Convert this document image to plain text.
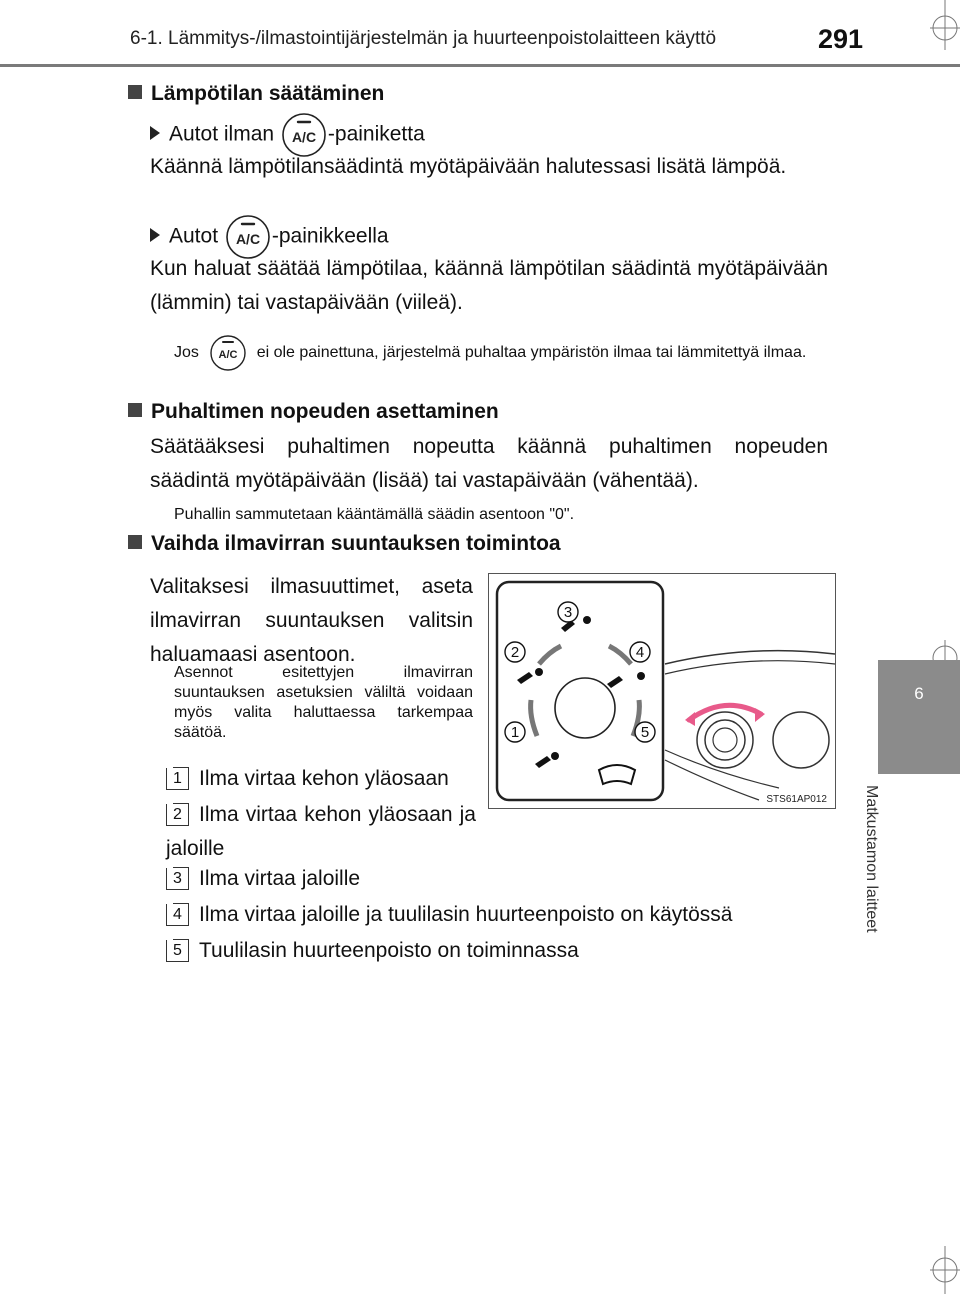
6-1. Lämmitys-/ilmastointijärjestelmän ja huurteenpoistolaitteen käyttö	291
6
Matkustamon laitteet
Lämpötilan säätäminen
Autot ilman A/C -painiketta
Käännä lämpötilansäädintä myötäpäivään halutessasi lisätä lämpöä.
Autot A/C -painikkeella
Kun haluat säätää lämpötilaa, käännä lämpötilan säädintä myötäpäivään (lämmin) tai vastapäivään (viileä).
Jos A/C ei ole painettuna, järjestelmä puhaltaa ympäristön ilmaa tai lämmitettyä ilmaa.
Puhaltimen nopeuden asettaminen
Säätääksesi puhaltimen nopeutta käännä puhaltimen nopeuden säädintä myötäpäivään (lisää) tai vastapäivään (vähentää).
Puhallin sammutetaan kääntämällä säädin asentoon "0".
Vaihda ilmavirran suuntauksen toimintoa
Valitaksesi ilmasuuttimet, aseta ilmavirran suuntauksen valitsin haluamaasi asentoon.
Asennot esitettyjen ilmavirran suuntauksen asetuksien väliltä voidaan myös valita haluttaessa tarkempaa säätöä.
1 Ilma virtaa kehon yläosaan
2 Ilma virtaa kehon yläosaan ja jaloille
3 Ilma virtaa jaloille
4 Ilma virtaa jaloille ja tuulilasin huurteenpoisto on käytössä
5 Tuulilasin huurteenpoisto on toiminnassa
3
2	4
1	5
STS61AP012
